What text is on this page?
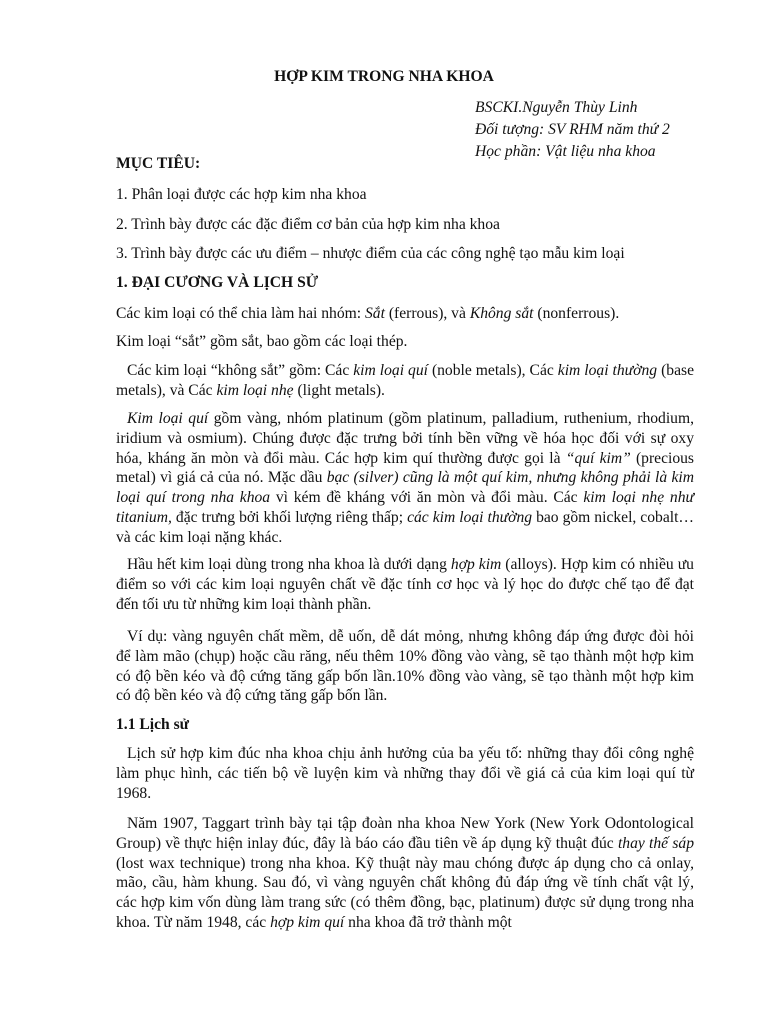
HỢP KIM TRONG NHA KHOA
BSCKI.Nguyễn Thùy Linh
Đối tượng: SV RHM năm thứ 2
Học phần: Vật liệu nha khoa

MỤC TIÊU:

1. Phân loại được các hợp kim nha khoa

2. Trình bày được các đặc điểm cơ bản của hợp kim nha khoa

3. Trình bày được các ưu điểm – nhược điểm của các công nghệ tạo mẫu kim loại

1. ĐẠI CƯƠNG VÀ LỊCH SỬ

Các kim loại có thể chia làm hai nhóm: Sắt (ferrous), và Không sắt (nonferrous).

Kim loại “sắt” gồm sắt, bao gồm các loại thép.

Các kim loại “không sắt” gồm: Các kim loại quí (noble metals), Các kim loại thường (base metals), và Các kim loại nhẹ (light metals).

Kim loại quí gồm vàng, nhóm platinum (gồm platinum, palladium, ruthenium, rhodium, iridium và osmium). Chúng được đặc trưng bởi tính bền vững về hóa học đối với sự oxy hóa, kháng ăn mòn và đổi màu. Các hợp kim quí thường được gọi là “quí kim” (precious metal) vì giá cả của nó. Mặc dầu bạc (silver) cũng là một quí kim, nhưng không phải là kim loại quí trong nha khoa vì kém đề kháng với ăn mòn và đổi màu. Các kim loại nhẹ như titanium, đặc trưng bởi khối lượng riêng thấp; các kim loại thường bao gồm nickel, cobalt… và các kim loại nặng khác.

Hầu hết kim loại dùng trong nha khoa là dưới dạng hợp kim (alloys). Hợp kim có nhiều ưu điểm so với các kim loại nguyên chất về đặc tính cơ học và lý học do được chế tạo để đạt đến tối ưu từ những kim loại thành phần.

Ví dụ: vàng nguyên chất mềm, dễ uốn, dễ dát mỏng, nhưng không đáp ứng được đòi hỏi để làm mão (chụp) hoặc cầu răng, nếu thêm 10% đồng vào vàng, sẽ tạo thành một hợp kim có độ bền kéo và độ cứng tăng gấp bốn lần.10% đồng vào vàng, sẽ tạo thành một hợp kim có độ bền kéo và độ cứng tăng gấp bốn lần.

1.1 Lịch sử

Lịch sử hợp kim đúc nha khoa chịu ảnh hưởng của ba yếu tố: những thay đổi công nghệ làm phục hình, các tiến bộ về luyện kim và những thay đổi về giá cả của kim loại quí từ 1968.

Năm 1907, Taggart trình bày tại tập đoàn nha khoa New York (New York Odontological Group) về thực hiện inlay đúc, đây là báo cáo đầu tiên về áp dụng kỹ thuật đúc thay thế sáp (lost wax technique) trong nha khoa. Kỹ thuật này mau chóng được áp dụng cho cả onlay, mão, cầu, hàm khung. Sau đó, vì vàng nguyên chất không đủ đáp ứng về tính chất vật lý, các hợp kim vốn dùng làm trang sức (có thêm đồng, bạc, platinum) được sử dụng trong nha khoa. Từ năm 1948, các hợp kim quí nha khoa đã trở thành một
